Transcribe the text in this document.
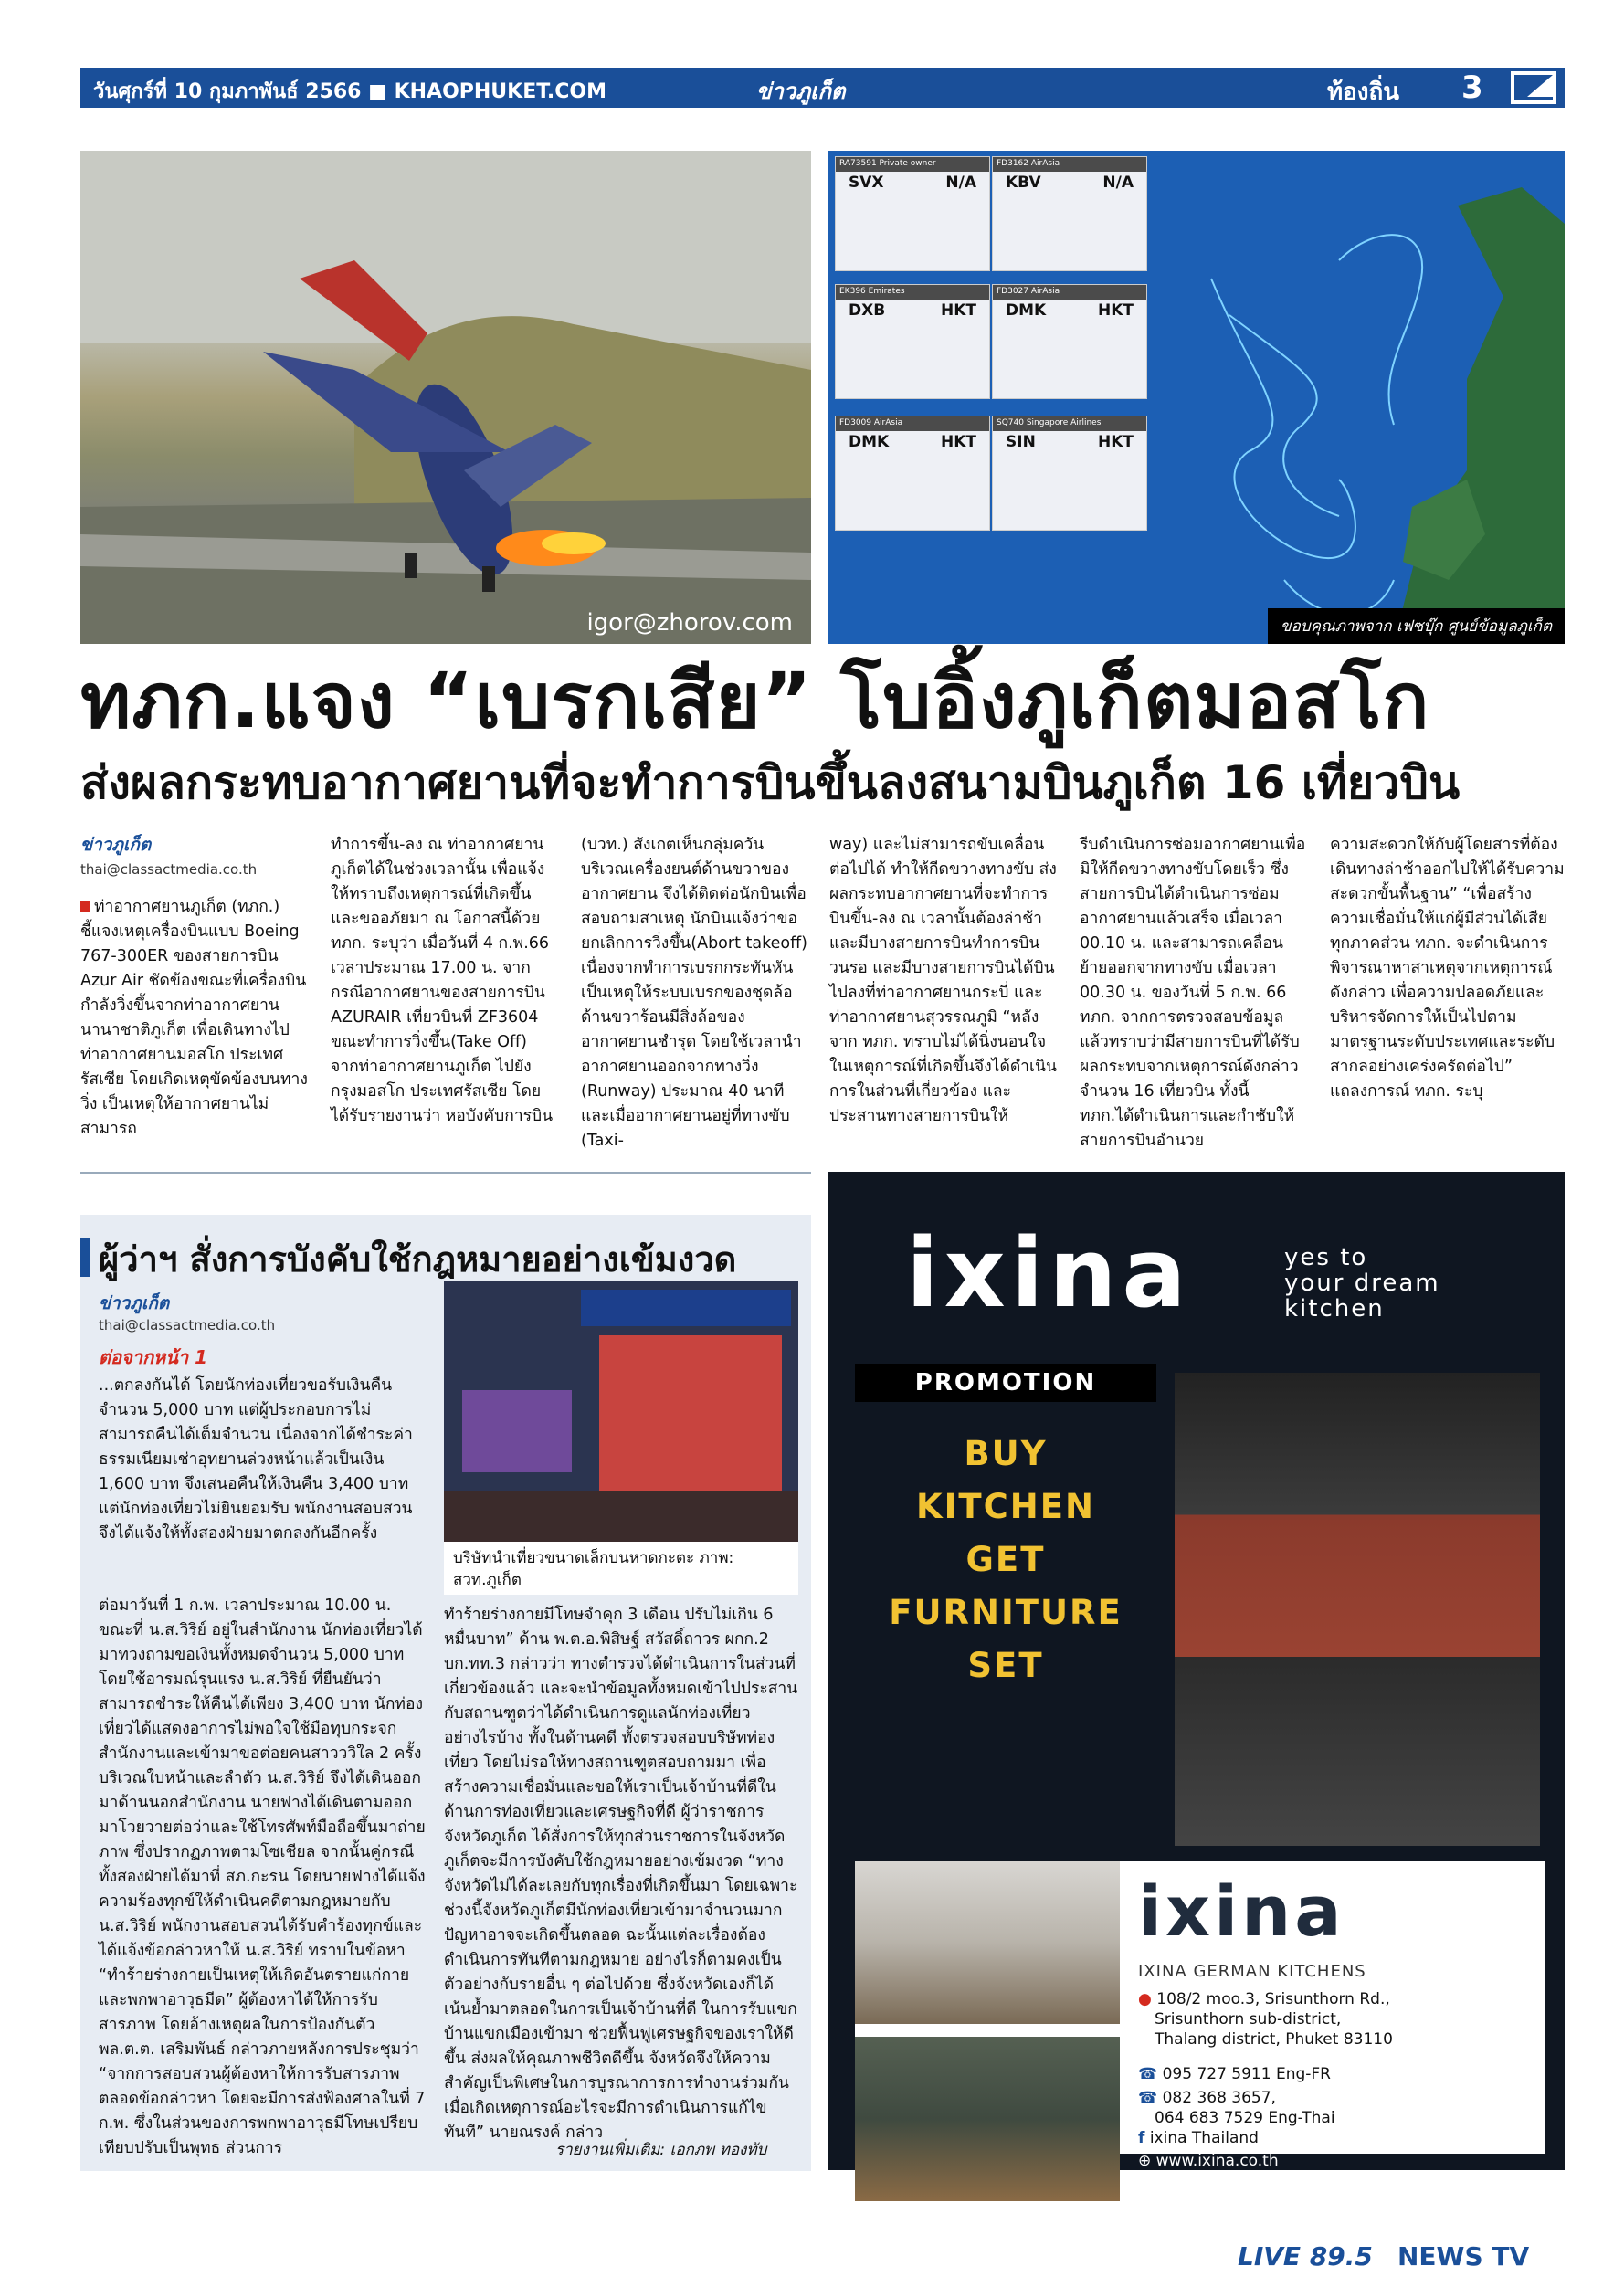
วันศุกร์ที่ 10 กุมภาพันธ์ 2566 ■ KHAOPHUKET.COM	ข่าวภูเก็ต	ท้องถิ่น 3
igor@zhorov.com
RA73591 Private owner
SVX	N/A
FD3162 AirAsia
KBV	N/A
EK396 Emirates
DXB	HKT
FD3027 AirAsia
DMK	HKT
FD3009 AirAsia
DMK	HKT
SQ740 Singapore Airlines
SIN	HKT
ขอบคุณภาพจาก เฟซบุ๊ก ศูนย์ข้อมูลภูเก็ต
ทภก.แจง “เบรกเสีย” โบอิ้งภูเก็ตมอสโก
ส่งผลกระทบอากาศยานที่จะทำการบินขึ้นลงสนามบินภูเก็ต 16 เที่ยวบิน
ข่าวภูเก็ต
thai@classactmedia.co.th
ท่าอากาศยานภูเก็ต (ทภก.) ชี้แจงเหตุเครื่องบินแบบ Boeing 767-300ER ของสายการบิน Azur Air ชัดข้องขณะที่เครื่องบินกำลังวิ่งขึ้นจากท่าอากาศยานนานาชาติภูเก็ต เพื่อเดินทางไปท่าอากาศยานมอสโก ประเทศรัสเซีย โดยเกิดเหตุขัดข้องบนทางวิ่ง เป็นเหตุให้อากาศยานไม่สามารถ
ทำการขึ้น-ลง ณ ท่าอากาศยานภูเก็ตได้ในช่วงเวลานั้น เพื่อแจ้งให้ทราบถึงเหตุการณ์ที่เกิดขึ้นและขออภัยมา ณ โอกาสนี้ด้วย ทภก. ระบุว่า เมื่อวันที่ 4 ก.พ.66 เวลาประมาณ 17.00 น. จากกรณีอากาศยานของสายการบิน AZURAIR เที่ยวบินที่ ZF3604 ขณะทำการวิ่งขึ้น(Take Off) จากท่าอากาศยานภูเก็ต ไปยัง กรุงมอสโก ประเทศรัสเซีย โดยได้รับรายงานว่า หอบังคับการบิน
(บวท.) สังเกตเห็นกลุ่มควันบริเวณเครื่องยนต์ด้านขวาของอากาศยาน จึงได้ติดต่อนักบินเพื่อสอบถามสาเหตุ นักบินแจ้งว่าขอยกเลิกการวิ่งขึ้น(Abort takeoff) เนื่องจากทำการเบรกกระทันหัน เป็นเหตุให้ระบบเบรกของชุดล้อด้านขวาร้อนมีสิ่งล้อของอากาศยานชำรุด โดยใช้เวลานำอากาศยานออกจากทางวิ่ง (Runway) ประมาณ 40 นาที และเมื่ออากาศยานอยู่ที่ทางขับ (Taxi-
way) และไม่สามารถขับเคลื่อนต่อไปได้ ทำให้กีดขวางทางขับ ส่งผลกระทบอากาศยานที่จะทำการบินขึ้น-ลง ณ เวลานั้นต้องล่าช้าและมีบางสายการบินทำการบินวนรอ และมีบางสายการบินได้บินไปลงที่ท่าอากาศยานกระบี่ และท่าอากาศยานสุวรรณภูมิ “หลังจาก ทภก. ทราบไม่ได้นิ่งนอนใจในเหตุการณ์ที่เกิดขึ้นจึงได้ดำเนินการในส่วนที่เกี่ยวข้อง และประสานทางสายการบินให้
รีบดำเนินการซ่อมอากาศยานเพื่อมิให้กีดขวางทางขับโดยเร็ว ซึ่งสายการบินได้ดำเนินการซ่อมอากาศยานแล้วเสร็จ เมื่อเวลา 00.10 น. และสามารถเคลื่อนย้ายออกจากทางขับ เมื่อเวลา 00.30 น. ของวันที่ 5 ก.พ. 66 ทภก. จากการตรวจสอบข้อมูลแล้วทราบว่ามีสายการบินที่ได้รับผลกระทบจากเหตุการณ์ดังกล่าวจำนวน 16 เที่ยวบิน ทั้งนี้ ทภก.ได้ดำเนินการและกำชับให้สายการบินอำนวย
ความสะดวกให้กับผู้โดยสารที่ต้องเดินทางล่าช้าออกไปให้ได้รับความสะดวกขั้นพื้นฐาน” “เพื่อสร้างความเชื่อมั่นให้แก่ผู้มีส่วนได้เสียทุกภาคส่วน ทภก. จะดำเนินการพิจารณาหาสาเหตุจากเหตุการณ์ดังกล่าว เพื่อความปลอดภัยและบริหารจัดการให้เป็นไปตามมาตรฐานระดับประเทศและระดับสากลอย่างเคร่งครัดต่อไป” แถลงการณ์ ทภก. ระบุ
ผู้ว่าฯ สั่งการบังคับใช้กฎหมายอย่างเข้มงวด
ข่าวภูเก็ต
thai@classactmedia.co.th
ต่อจากหน้า 1
...ตกลงกันได้ โดยนักท่องเที่ยวขอรับเงินคืนจำนวน 5,000 บาท แต่ผู้ประกอบการไม่สามารถคืนได้เต็มจำนวน เนื่องจากได้ชำระค่าธรรมเนียมเช่าอุทยานล่วงหน้าแล้วเป็นเงิน 1,600 บาท จึงเสนอคืนให้เงินคืน 3,400 บาท แต่นักท่องเที่ยวไม่ยินยอมรับ พนักงานสอบสวนจึงได้แจ้งให้ทั้งสองฝ่ายมาตกลงกันอีกครั้ง
บริษัทนำเที่ยวขนาดเล็กบนหาดกะตะ ภาพ: สวท.ภูเก็ต
ต่อมาวันที่ 1 ก.พ. เวลาประมาณ 10.00 น. ขณะที่ น.ส.วิริย์ อยู่ในสำนักงาน นักท่องเที่ยวได้มาทวงถามขอเงินทั้งหมดจำนวน 5,000 บาทโดยใช้อารมณ์รุนแรง น.ส.วิริย์ ที่ยืนยันว่าสามารถชำระให้คืนได้เพียง 3,400 บาท นักท่องเที่ยวได้แสดงอาการไม่พอใจใช้มือทุบกระจกสำนักงานและเข้ามาขอต่อยคนสาวววิใล 2 ครั้ง บริเวณใบหน้าและลำตัว น.ส.วิริย์ จึงได้เดินออกมาด้านนอกสำนักงาน นายฟางได้เดินตามออกมาโวยวายต่อว่าและใช้โทรศัพท์มือถือขึ้นมาถ่ายภาพ ซึ่งปรากฏภาพตามโซเชียล จากนั้นคู่กรณีทั้งสองฝ่ายได้มาที่ สภ.กะรน โดยนายฟางได้แจ้งความร้องทุกข์ให้ดำเนินคดีตามกฎหมายกับ น.ส.วิริย์ พนักงานสอบสวนได้รับคำร้องทุกข์และได้แจ้งข้อกล่าวหาให้ น.ส.วิริย์ ทราบในข้อหา “ทำร้ายร่างกายเป็นเหตุให้เกิดอันตรายแก่กายและพกพาอาวุธมีด” ผู้ต้องหาได้ให้การรับสารภาพ โดยอ้างเหตุผลในการป้องกันตัว พล.ต.ต. เสริมพันธ์ กล่าวภายหลังการประชุมว่า “จากการสอบสวนผู้ต้องหาให้การรับสารภาพตลอดข้อกล่าวหา โดยจะมีการส่งฟ้องศาลในที่ 7 ก.พ. ซึ่งในส่วนของการพกพาอาวุธมีโทษเปรียบเทียบปรับเป็นพุทธ ส่วนการ
ทำร้ายร่างกายมีโทษจำคุก 3 เดือน ปรับไม่เกิน 6 หมื่นบาท” ด้าน พ.ต.อ.พิสิษฐ์ สวัสดิ์ถาวร ผกก.2 บก.ทท.3 กล่าวว่า ทางตำรวจได้ดำเนินการในส่วนที่เกี่ยวข้องแล้ว และจะนำข้อมูลทั้งหมดเข้าไปประสานกับสถานฑูตว่าได้ดำเนินการดูแลนักท่องเที่ยวอย่างไรบ้าง ทั้งในด้านคดี ทั้งตรวจสอบบริษัทท่องเที่ยว โดยไม่รอให้ทางสถานฑูตสอบถามมา เพื่อสร้างความเชื่อมั่นและขอให้เราเป็นเจ้าบ้านที่ดีในด้านการท่องเที่ยวและเศรษฐกิจที่ดี ผู้ว่าราชการจังหวัดภูเก็ต ได้สั่งการให้ทุกส่วนราชการในจังหวัดภูเก็ตจะมีการบังคับใช้กฎหมายอย่างเข้มงวด “ทางจังหวัดไม่ได้ละเลยกับทุกเรื่องที่เกิดขึ้นมา โดยเฉพาะช่วงนี้จังหวัดภูเก็ตมีนักท่องเที่ยวเข้ามาจำนวนมาก ปัญหาอาจจะเกิดขึ้นตลอด ฉะนั้นแต่ละเรื่องต้องดำเนินการทันทีตามกฎหมาย อย่างไรก็ตามคงเป็นตัวอย่างกับรายอื่น ๆ ต่อไปด้วย ซึ่งจังหวัดเองก็ได้เน้นย้ำมาตลอดในการเป็นเจ้าบ้านที่ดี ในการรับแขกบ้านแขกเมืองเข้ามา ช่วยฟื้นฟูเศรษฐกิจของเราให้ดีขึ้น ส่งผลให้คุณภาพชีวิตดีขึ้น จังหวัดจึงให้ความสำคัญเป็นพิเศษในการบูรณาการการทำงานร่วมกัน เมื่อเกิดเหตุการณ์อะไรจะมีการดำเนินการแก้ไขทันที” นายณรงค์ กล่าว
รายงานเพิ่มเติม: เอกภพ ทองทับ
ixina	yes to
your dream
kitchen
PROMOTION
BUY
KITCHEN
GET
FURNITURE
SET
ixina
IXINA GERMAN KITCHENS
● 108/2 moo.3, Srisunthorn Rd.,
Srisunthorn sub-district,
Thalang district, Phuket 83110
☎ 095 727 5911 Eng-FR
☎ 082 368 3657,
064 683 7529 Eng-Thai
f ixina Thailand
⊕ www.ixina.co.th
LIVE 89.5 NEWS TV
